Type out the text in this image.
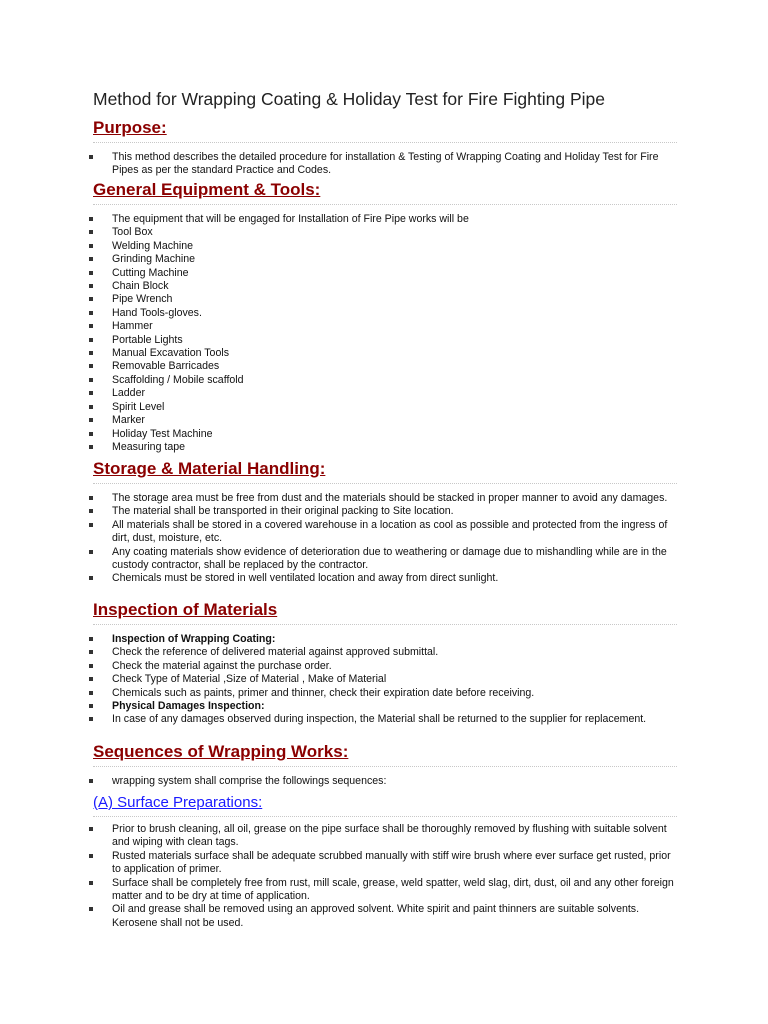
Method for Wrapping Coating & Holiday Test for Fire Fighting Pipe
Purpose:
This method describes the detailed procedure for installation & Testing of Wrapping Coating and Holiday Test for Fire Pipes as per the standard Practice and Codes.
General Equipment & Tools:
The equipment that will be engaged for Installation of Fire Pipe works will be
Tool Box
Welding Machine
Grinding Machine
Cutting Machine
Chain Block
Pipe Wrench
Hand Tools-gloves.
Hammer
Portable Lights
Manual Excavation Tools
Removable Barricades
Scaffolding / Mobile scaffold
Ladder
Spirit Level
Marker
Holiday Test Machine
Measuring tape
Storage & Material Handling:
The storage area must be free from dust and the materials should be stacked in proper manner to avoid any damages.
The material shall be transported in their original packing to Site location.
All materials shall be stored in a covered warehouse in a location as cool as possible and protected from the ingress of dirt, dust, moisture, etc.
Any coating materials show evidence of deterioration due to weathering or damage due to mishandling while are in the custody contractor, shall be replaced by the contractor.
Chemicals must be stored in well ventilated location and away from direct sunlight.
Inspection of Materials
Inspection of Wrapping Coating:
Check the reference of delivered material against approved submittal.
Check the material against the purchase order.
Check Type of Material ,Size of Material , Make of Material
Chemicals such as paints, primer and thinner, check their expiration date before receiving.
Physical Damages Inspection:
In case of any damages observed during inspection, the Material shall be returned to the supplier for replacement.
Sequences of Wrapping Works:
wrapping system shall comprise the followings sequences:
(A) Surface Preparations:
Prior to brush cleaning, all oil, grease on the pipe surface shall be thoroughly removed by flushing with suitable solvent and wiping with clean tags.
Rusted materials surface shall be adequate scrubbed manually with stiff wire brush where ever surface get rusted, prior to application of primer.
Surface shall be completely free from rust, mill scale, grease, weld spatter, weld slag, dirt, dust, oil and any other foreign matter and to be dry at time of application.
Oil and grease shall be removed using an approved solvent. White spirit and paint thinners are suitable solvents. Kerosene shall not be used.
